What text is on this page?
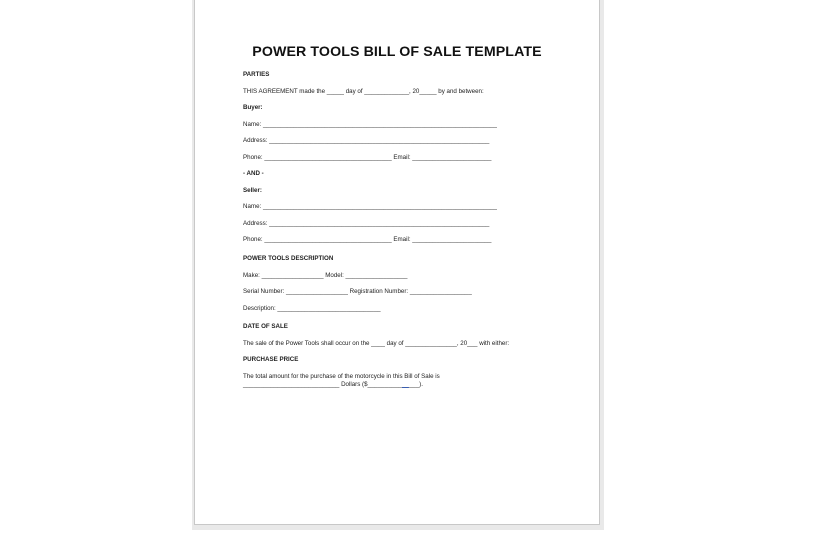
POWER TOOLS BILL OF SALE TEMPLATE
PARTIES
THIS AGREEMENT made the _____ day of _____________, 20_____ by and between:
Buyer:
Name: ____________________________________________________________________
Address: ________________________________________________________________
Phone: _____________________________________ Email: _______________________
- AND -
Seller:
Name: ____________________________________________________________________
Address: ________________________________________________________________
Phone: _____________________________________ Email: _______________________
POWER TOOLS DESCRIPTION
Make: __________________ Model: __________________
Serial Number: __________________ Registration Number: __________________
Description: ______________________________
DATE OF SALE
The sale of the Power Tools shall occur on the ____ day of _______________, 20___ with either:
PURCHASE PRICE
The total amount for the purchase of the motorcycle in this Bill of Sale is
____________________________ Dollars ($_______________).
